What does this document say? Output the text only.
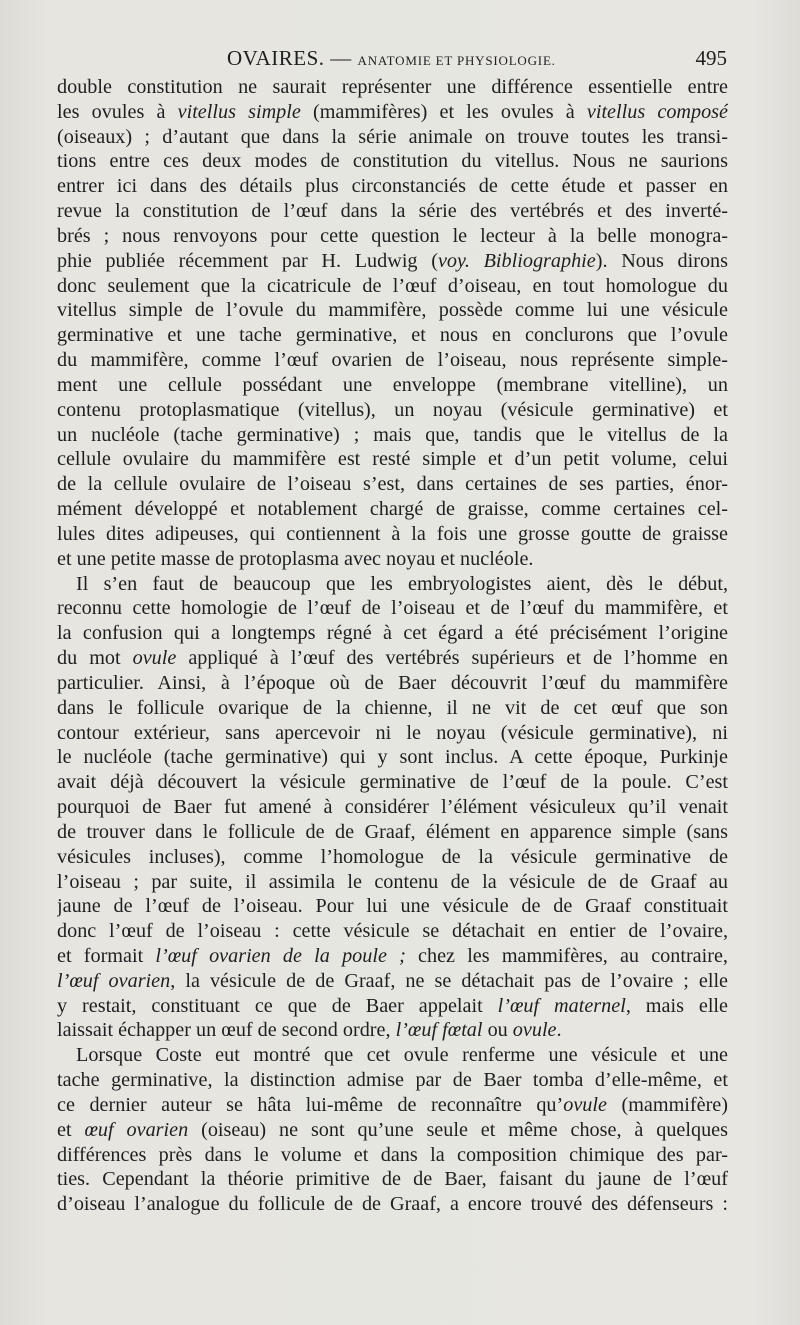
OVAIRES. — ANATOMIE ET PHYSIOLOGIE.	495
double constitution ne saurait représenter une différence essentielle entre
les ovules à vitellus simple (mammifères) et les ovules à vitellus composé
(oiseaux) ; d’autant que dans la série animale on trouve toutes les transi-
tions entre ces deux modes de constitution du vitellus. Nous ne saurions
entrer ici dans des détails plus circonstanciés de cette étude et passer en
revue la constitution de l’œuf dans la série des vertébrés et des inverté-
brés ; nous renvoyons pour cette question le lecteur à la belle monogra-
phie publiée récemment par H. Ludwig (voy. Bibliographie). Nous dirons
donc seulement que la cicatricule de l’œuf d’oiseau, en tout homologue du
vitellus simple de l’ovule du mammifère, possède comme lui une vésicule
germinative et une tache germinative, et nous en conclurons que l’ovule
du mammifère, comme l’œuf ovarien de l’oiseau, nous représente simple-
ment une cellule possédant une enveloppe (membrane vitelline), un
contenu protoplasmatique (vitellus), un noyau (vésicule germinative) et
un nucléole (tache germinative) ; mais que, tandis que le vitellus de la
cellule ovulaire du mammifère est resté simple et d’un petit volume, celui
de la cellule ovulaire de l’oiseau s’est, dans certaines de ses parties, énor-
mément développé et notablement chargé de graisse, comme certaines cel-
lules dites adipeuses, qui contiennent à la fois une grosse goutte de graisse
et une petite masse de protoplasma avec noyau et nucléole.
Il s’en faut de beaucoup que les embryologistes aient, dès le début,
reconnu cette homologie de l’œuf de l’oiseau et de l’œuf du mammifère, et
la confusion qui a longtemps régné à cet égard a été précisément l’origine
du mot ovule appliqué à l’œuf des vertébrés supérieurs et de l’homme en
particulier. Ainsi, à l’époque où de Baer découvrit l’œuf du mammifère
dans le follicule ovarique de la chienne, il ne vit de cet œuf que son
contour extérieur, sans apercevoir ni le noyau (vésicule germinative), ni
le nucléole (tache germinative) qui y sont inclus. A cette époque, Purkinje
avait déjà découvert la vésicule germinative de l’œuf de la poule. C’est
pourquoi de Baer fut amené à considérer l’élément vésiculeux qu’il venait
de trouver dans le follicule de de Graaf, élément en apparence simple (sans
vésicules incluses), comme l’homologue de la vésicule germinative de
l’oiseau ; par suite, il assimila le contenu de la vésicule de de Graaf au
jaune de l’œuf de l’oiseau. Pour lui une vésicule de de Graaf constituait
donc l’œuf de l’oiseau : cette vésicule se détachait en entier de l’ovaire,
et formait l’œuf ovarien de la poule ; chez les mammifères, au contraire,
l’œuf ovarien, la vésicule de de Graaf, ne se détachait pas de l’ovaire ; elle
y restait, constituant ce que de Baer appelait l’œuf maternel, mais elle
laissait échapper un œuf de second ordre, l’œuf fœtal ou ovule.
Lorsque Coste eut montré que cet ovule renferme une vésicule et une
tache germinative, la distinction admise par de Baer tomba d’elle-même, et
ce dernier auteur se hâta lui-même de reconnaître qu’ovule (mammifère)
et œuf ovarien (oiseau) ne sont qu’une seule et même chose, à quelques
différences près dans le volume et dans la composition chimique des par-
ties. Cependant la théorie primitive de de Baer, faisant du jaune de l’œuf
d’oiseau l’analogue du follicule de de Graaf, a encore trouvé des défenseurs :
